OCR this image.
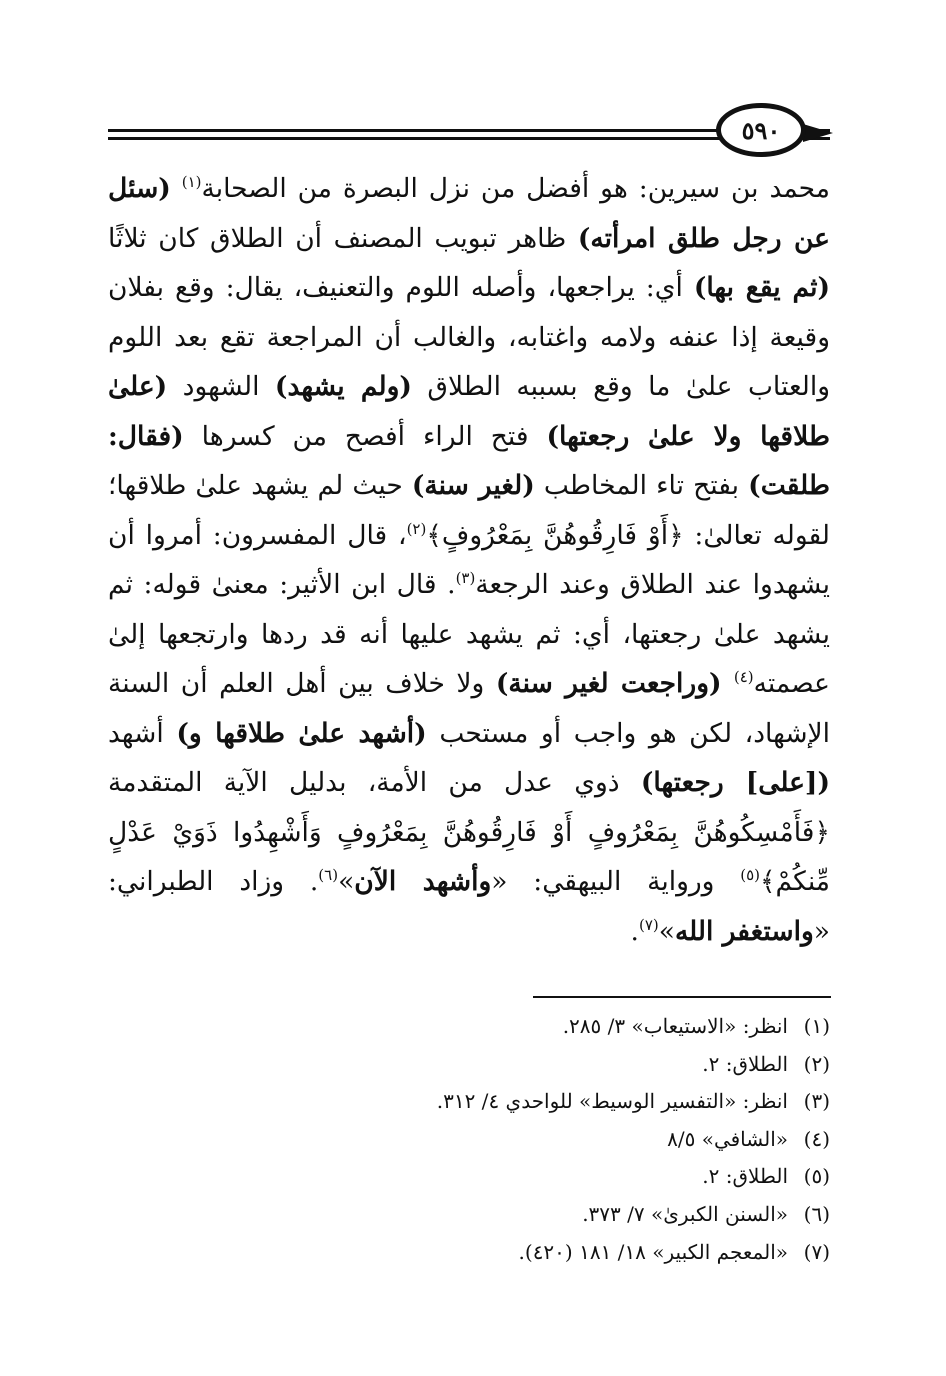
٥٩٠
محمد بن سيرين: هو أفضل من نزل البصرة من الصحابة$^{(١)}$ (سئل عن رجل طلق امرأته) ظاهر تبويب المصنف أن الطلاق كان ثلاثًا (ثم يقع بها) أي: يراجعها، وأصله اللوم والتعنيف، يقال: وقع بفلان وقيعة إذا عنفه ولامه واغتابه، والغالب أن المراجعة تقع بعد اللوم والعتاب علىٰ ما وقع بسببه الطلاق (ولم يشهد) الشهود (علىٰ طلاقها ولا علىٰ رجعتها) فتح الراء أفصح من كسرها (فقال: طلقت) بفتح تاء المخاطب (لغير سنة) حيث لم يشهد علىٰ طلاقها؛ لقوله تعالىٰ: ﴿أَوْ فَارِقُوهُنَّ بِمَعْرُوفٍ﴾$^{(٢)}$، قال المفسرون: أمروا أن يشهدوا عند الطلاق وعند الرجعة$^{(٣)}$. قال ابن الأثير: معنىٰ قوله: ثم يشهد علىٰ رجعتها، أي: ثم يشهد عليها أنه قد ردها وارتجعها إلىٰ عصمته$^{(٤)}$ (وراجعت لغير سنة) ولا خلاف بين أهل العلم أن السنة الإشهاد، لكن هو واجب أو مستحب (أشهد علىٰ طلاقها و) أشهد ([على] رجعتها) ذوي عدل من الأمة، بدليل الآية المتقدمة ﴿فَأَمْسِكُوهُنَّ بِمَعْرُوفٍ أَوْ فَارِقُوهُنَّ بِمَعْرُوفٍ وَأَشْهِدُوا ذَوَيْ عَدْلٍ مِّنكُمْ﴾$^{(٥)}$ ورواية البيهقي: «وأشهد الآن»$^{(٦)}$. وزاد الطبراني: «واستغفر الله»$^{(٧)}$.
(١)انظر: «الاستيعاب» ٣/ ٢٨٥.
(٢)الطلاق: ٢.
(٣)انظر: «التفسير الوسيط» للواحدي ٤/ ٣١٢.
(٤)«الشافي» ٨/٥
(٥)الطلاق: ٢.
(٦)«السنن الكبرىٰ» ٧/ ٣٧٣.
(٧)«المعجم الكبير» ١٨/ ١٨١ (٤٢٠).
